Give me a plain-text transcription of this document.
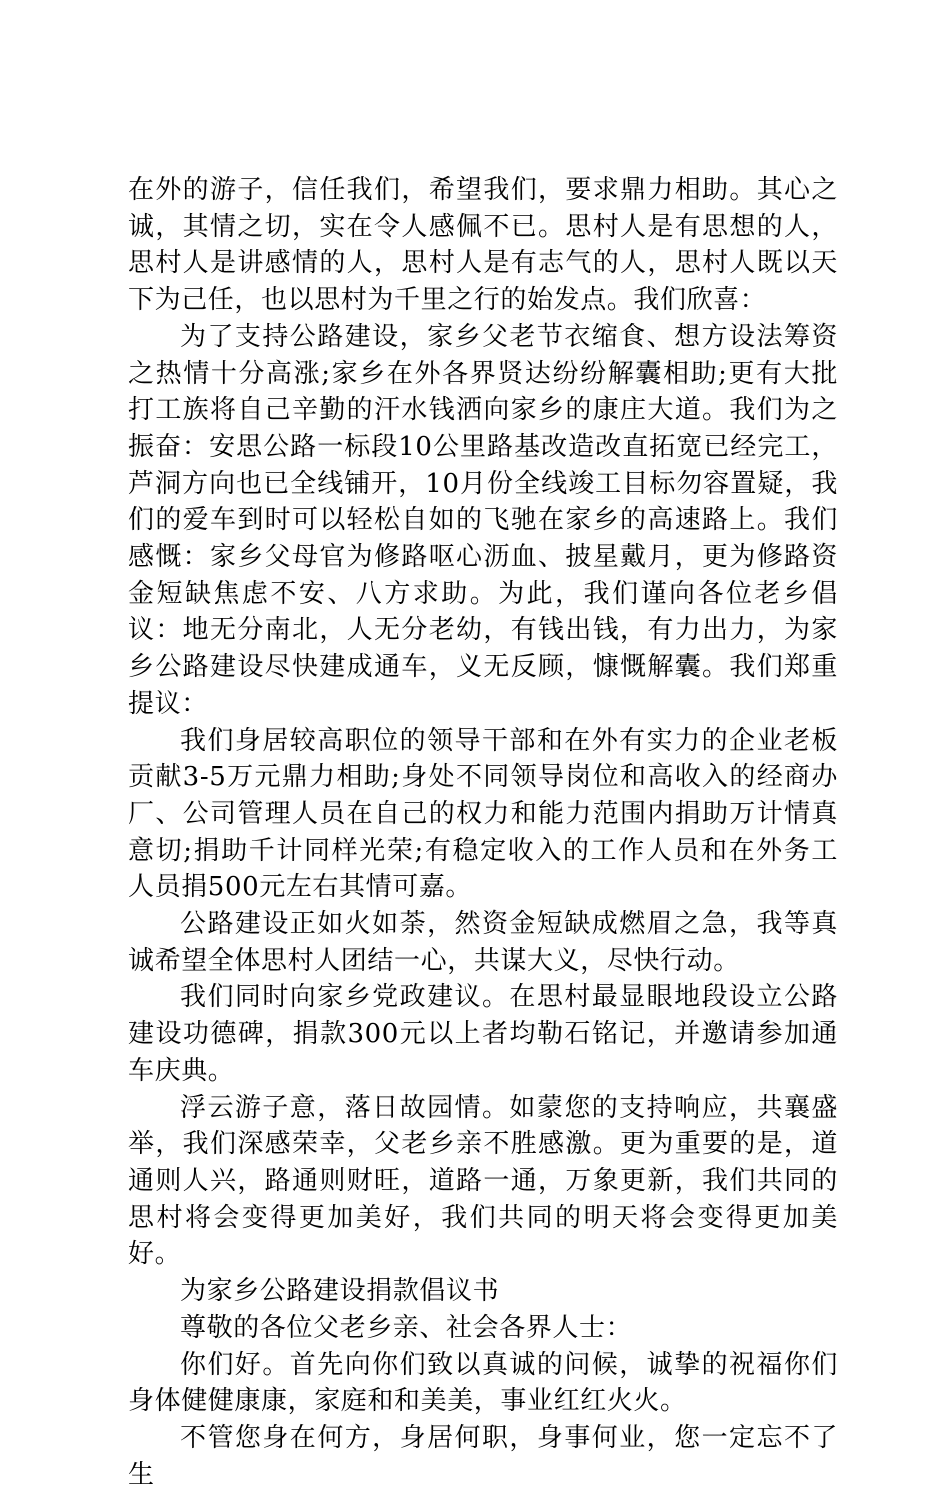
在外的游子，信任我们，希望我们，要求鼎力相助。其心之诚，其情之切，实在令人感佩不已。思村人是有思想的人，思村人是讲感情的人，思村人是有志气的人，思村人既以天下为己任，也以思村为千里之行的始发点。我们欣喜：

为了支持公路建设，家乡父老节衣缩食、想方设法筹资之热情十分高涨;家乡在外各界贤达纷纷解囊相助;更有大批打工族将自己辛勤的汗水钱洒向家乡的康庄大道。我们为之振奋：安思公路一标段10公里路基改造改直拓宽已经完工，芦洞方向也已全线铺开，10月份全线竣工目标勿容置疑，我们的爱车到时可以轻松自如的飞驰在家乡的高速路上。我们感慨：家乡父母官为修路呕心沥血、披星戴月，更为修路资金短缺焦虑不安、八方求助。为此，我们谨向各位老乡倡议：地无分南北，人无分老幼，有钱出钱，有力出力，为家乡公路建设尽快建成通车，义无反顾，慷慨解囊。我们郑重提议：

我们身居较高职位的领导干部和在外有实力的企业老板贡献3-5万元鼎力相助;身处不同领导岗位和高收入的经商办厂、公司管理人员在自己的权力和能力范围内捐助万计情真意切;捐助千计同样光荣;有稳定收入的工作人员和在外务工人员捐500元左右其情可嘉。

公路建设正如火如荼，然资金短缺成燃眉之急，我等真诚希望全体思村人团结一心，共谋大义，尽快行动。

我们同时向家乡党政建议。在思村最显眼地段设立公路建设功德碑，捐款300元以上者均勒石铭记，并邀请参加通车庆典。

浮云游子意，落日故园情。如蒙您的支持响应，共襄盛举，我们深感荣幸，父老乡亲不胜感激。更为重要的是，道通则人兴，路通则财旺，道路一通，万象更新，我们共同的思村将会变得更加美好，我们共同的明天将会变得更加美好。

为家乡公路建设捐款倡议书

尊敬的各位父老乡亲、社会各界人士：

你们好。首先向你们致以真诚的问候，诚挚的祝福你们身体健健康康，家庭和和美美，事业红红火火。

不管您身在何方，身居何职，身事何业，您一定忘不了生
